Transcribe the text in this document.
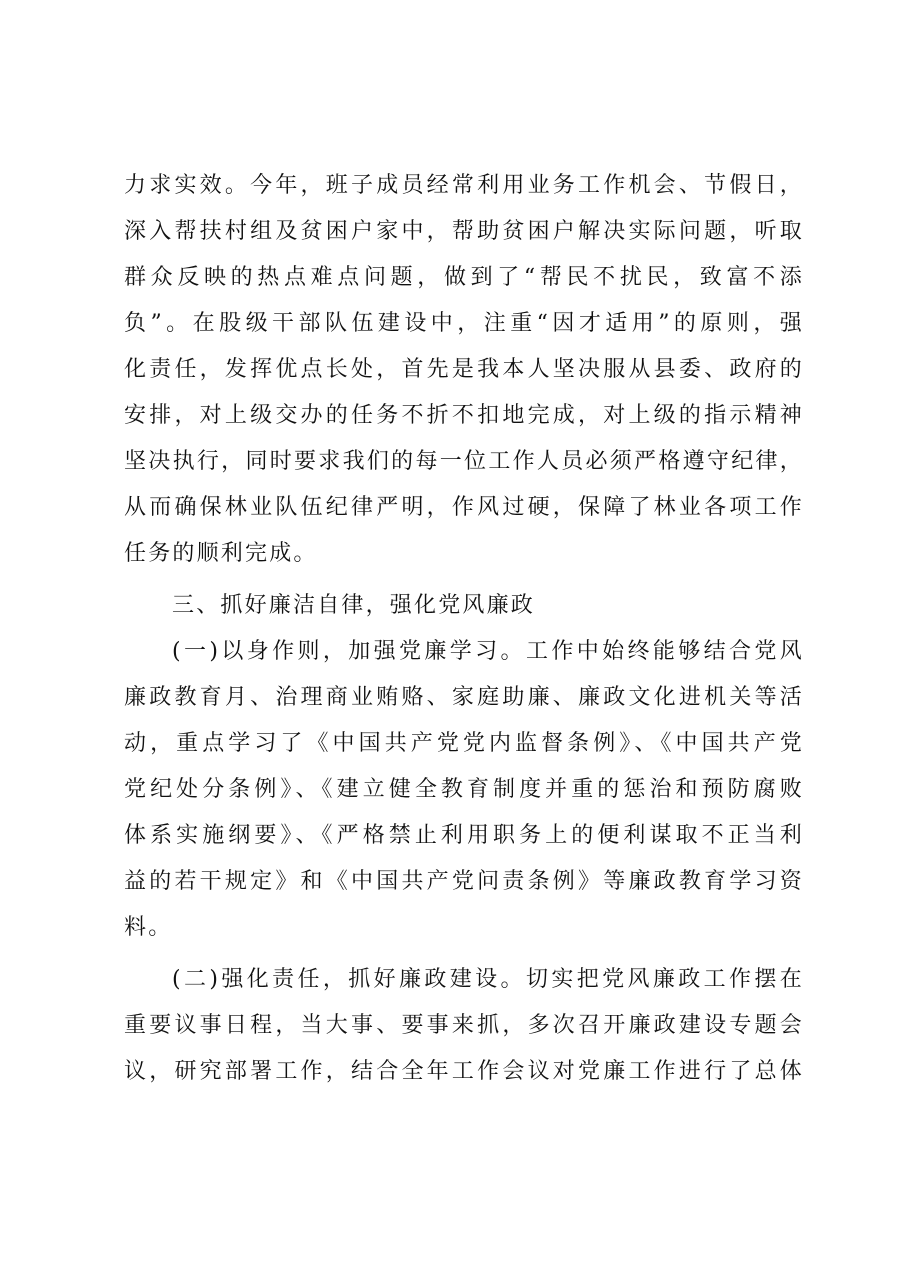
力求实效。今年，班子成员经常利用业务工作机会、节假日，
深入帮扶村组及贫困户家中，帮助贫困户解决实际问题，听取
群众反映的热点难点问题，做到了“帮民不扰民，致富不添
负”。在股级干部队伍建设中，注重“因才适用”的原则，强
化责任，发挥优点长处，首先是我本人坚决服从县委、政府的
安排，对上级交办的任务不折不扣地完成，对上级的指示精神
坚决执行，同时要求我们的每一位工作人员必须严格遵守纪律，
从而确保林业队伍纪律严明，作风过硬，保障了林业各项工作
任务的顺利完成。
三、抓好廉洁自律，强化党风廉政
(一)以身作则，加强党廉学习。工作中始终能够结合党风
廉政教育月、治理商业贿赂、家庭助廉、廉政文化进机关等活
动，重点学习了《中国共产党党内监督条例》、《中国共产党
党纪处分条例》、《建立健全教育制度并重的惩治和预防腐败
体系实施纲要》、《严格禁止利用职务上的便利谋取不正当利
益的若干规定》和《中国共产党问责条例》等廉政教育学习资
料。
(二)强化责任，抓好廉政建设。切实把党风廉政工作摆在
重要议事日程，当大事、要事来抓，多次召开廉政建设专题会
议，研究部署工作，结合全年工作会议对党廉工作进行了总体
